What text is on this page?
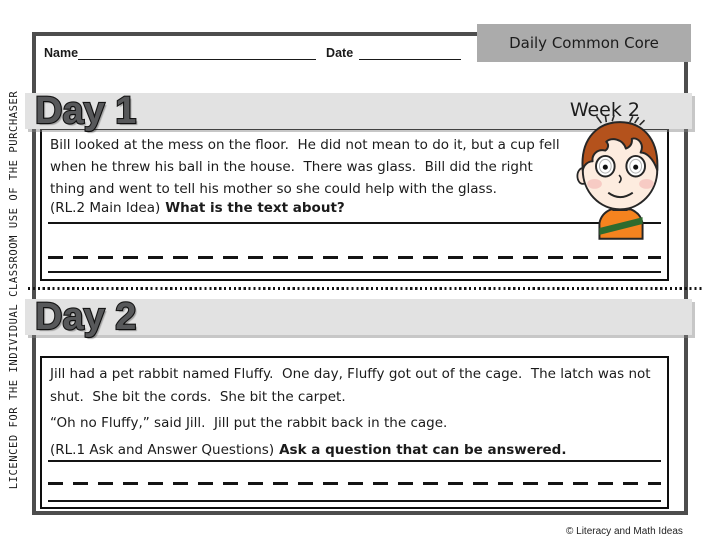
LICENCED FOR THE INDIVIDUAL CLASSROOM USE OF THE PURCHASER
Name	Date
Daily Common Core
Day 1	Week 2

Bill looked at the mess on the floor.  He did not mean to do it, but a cup fell when he threw his ball in the house.  There was glass.  Bill did the right thing and went to tell his mother so she could help with the glass.

(RL.2 Main Idea) What is the text about?
Day 2

Jill had a pet rabbit named Fluffy.  One day, Fluffy got out of the cage.  The latch was not shut.  She bit the cords.  She bit the carpet.

“Oh no Fluffy,” said Jill.  Jill put the rabbit back in the cage.

(RL.1 Ask and Answer Questions) Ask a question that can be answered.
© Literacy and Math Ideas
